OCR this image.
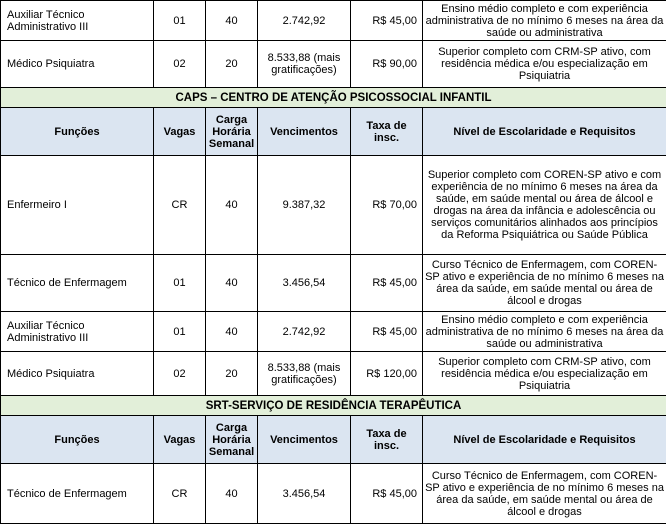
Auxiliar Técnico Administrativo III	01	40	2.742,92	R$ 45,00	Ensino médio completo e com experiência administrativa de no mínimo 6 meses na área da saúde ou administrativa
Médico Psiquiatra	02	20	8.533,88 (mais gratificações)	R$ 90,00	Superior completo com CRM-SP ativo, com residência médica e/ou especialização em Psiquiatria
CAPS – CENTRO DE ATENÇÃO PSICOSSOCIAL INFANTIL					
Funções	Vagas	Carga Horária Semanal	Vencimentos	Taxa de insc.	Nível de Escolaridade e Requisitos
Enfermeiro I	CR	40	9.387,32	R$ 70,00	Superior completo com COREN-SP ativo e com experiência de no mínimo 6 meses na área da saúde, em saúde mental ou área de álcool e drogas na área da infância e adolescência ou serviços comunitários alinhados aos princípios da Reforma Psiquiátrica ou Saúde Pública
Técnico de Enfermagem	01	40	3.456,54	R$ 45,00	Curso Técnico de Enfermagem, com COREN-SP ativo e experiência de no mínimo 6 meses na área da saúde, em saúde mental ou área de álcool e drogas
Auxiliar Técnico Administrativo III	01	40	2.742,92	R$ 45,00	Ensino médio completo e com experiência administrativa de no mínimo 6 meses na área da saúde ou administrativa
Médico Psiquiatra	02	20	8.533,88 (mais gratificações)	R$ 120,00	Superior completo com CRM-SP ativo, com residência médica e/ou especialização em Psiquiatria
SRT-SERVIÇO DE RESIDÊNCIA TERAPÊUTICA					
Funções	Vagas	Carga Horária Semanal	Vencimentos	Taxa de insc.	Nível de Escolaridade e Requisitos
Técnico de Enfermagem	CR	40	3.456,54	R$ 45,00	Curso Técnico de Enfermagem, com COREN-SP ativo e experiência de no mínimo 6 meses na área da saúde, em saúde mental ou área de álcool e drogas
